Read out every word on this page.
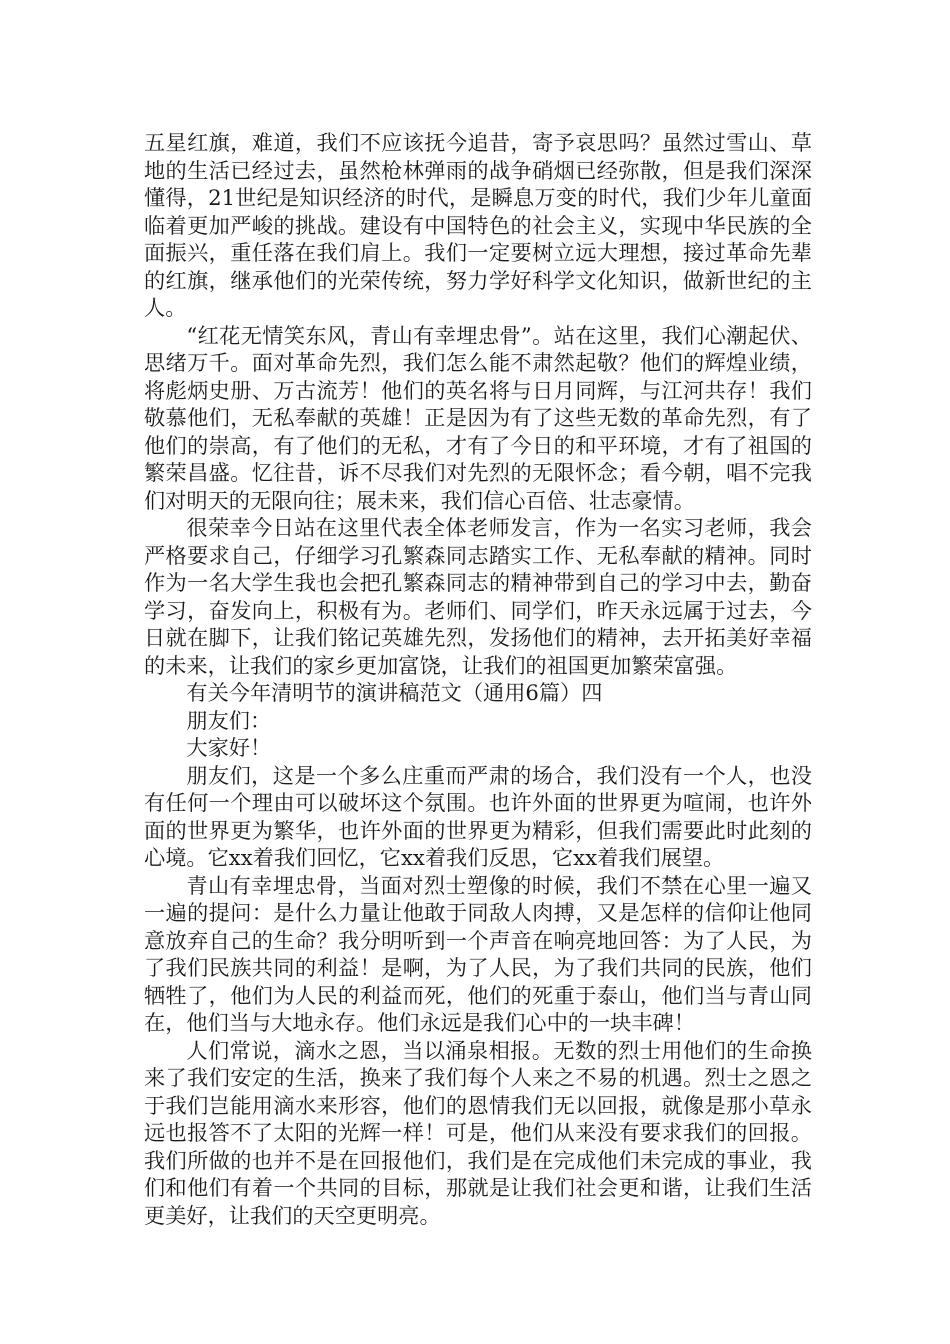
五星红旗，难道，我们不应该抚今追昔，寄予哀思吗？虽然过雪山、草地的生活已经过去，虽然枪林弹雨的战争硝烟已经弥散，但是我们深深懂得，21世纪是知识经济的时代，是瞬息万变的时代，我们少年儿童面临着更加严峻的挑战。建设有中国特色的社会主义，实现中华民族的全面振兴，重任落在我们肩上。我们一定要树立远大理想，接过革命先辈的红旗，继承他们的光荣传统，努力学好科学文化知识，做新世纪的主人。

“红花无情笑东风，青山有幸埋忠骨”。站在这里，我们心潮起伏、思绪万千。面对革命先烈，我们怎么能不肃然起敬？他们的辉煌业绩，将彪炳史册、万古流芳！他们的英名将与日月同辉，与江河共存！我们敬慕他们，无私奉献的英雄！正是因为有了这些无数的革命先烈，有了他们的崇高，有了他们的无私，才有了今日的和平环境，才有了祖国的繁荣昌盛。忆往昔，诉不尽我们对先烈的无限怀念；看今朝，唱不完我们对明天的无限向往；展未来，我们信心百倍、壮志豪情。

很荣幸今日站在这里代表全体老师发言，作为一名实习老师，我会严格要求自己，仔细学习孔繁森同志踏实工作、无私奉献的精神。同时作为一名大学生我也会把孔繁森同志的精神带到自己的学习中去，勤奋学习，奋发向上，积极有为。老师们、同学们，昨天永远属于过去，今日就在脚下，让我们铭记英雄先烈，发扬他们的精神，去开拓美好幸福的未来，让我们的家乡更加富饶，让我们的祖国更加繁荣富强。

有关今年清明节的演讲稿范文（通用6篇）四

朋友们：

大家好！

朋友们，这是一个多么庄重而严肃的场合，我们没有一个人，也没有任何一个理由可以破坏这个氛围。也许外面的世界更为喧闹，也许外面的世界更为繁华，也许外面的世界更为精彩，但我们需要此时此刻的心境。它xx着我们回忆，它xx着我们反思，它xx着我们展望。

青山有幸埋忠骨，当面对烈士塑像的时候，我们不禁在心里一遍又一遍的提问：是什么力量让他敢于同敌人肉搏，又是怎样的信仰让他同意放弃自己的生命？我分明听到一个声音在响亮地回答：为了人民，为了我们民族共同的利益！是啊，为了人民，为了我们共同的民族，他们牺牲了，他们为人民的利益而死，他们的死重于泰山，他们当与青山同在，他们当与大地永存。他们永远是我们心中的一块丰碑！

人们常说，滴水之恩，当以涌泉相报。无数的烈士用他们的生命换来了我们安定的生活，换来了我们每个人来之不易的机遇。烈士之恩之于我们岂能用滴水来形容，他们的恩情我们无以回报，就像是那小草永远也报答不了太阳的光辉一样！可是，他们从来没有要求我们的回报。我们所做的也并不是在回报他们，我们是在完成他们未完成的事业，我们和他们有着一个共同的目标，那就是让我们社会更和谐，让我们生活更美好，让我们的天空更明亮。
